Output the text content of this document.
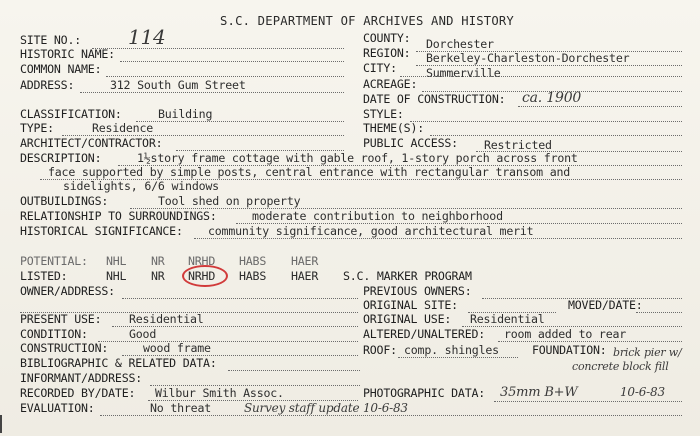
S.C. DEPARTMENT OF ARCHIVES AND HISTORY
SITE NO.: 114
HISTORIC NAME:
COMMON NAME:
ADDRESS:	312 South Gum Street
COUNTY: Dorchester
REGION: Berkeley-Charleston-Dorchester
CITY:	Summerville
ACREAGE:
DATE OF CONSTRUCTION: ca. 1900
CLASSIFICATION:	Building	STYLE:
TYPE:	Residence	THEME(S):
ARCHITECT/CONTRACTOR:	PUBLIC ACCESS: Restricted
DESCRIPTION:	1½story frame cottage with gable roof, 1-story porch across front
face supported by simple posts, central entrance with rectangular transom and
sidelights, 6/6 windows
OUTBUILDINGS:	Tool shed on property
RELATIONSHIP TO SURROUNDINGS:	moderate contribution to neighborhood
HISTORICAL SIGNIFICANCE: community significance, good architectural merit
POTENTIAL: NHL NR NRHD HABS HAER
LISTED:	NHL NR NRHD HABS HAER S.C. MARKER PROGRAM
OWNER/ADDRESS:	PREVIOUS OWNERS:
ORIGINAL SITE:	MOVED/DATE:
PRESENT USE: Residential	ORIGINAL USE: Residential
CONDITION:	Good	ALTERED/UNALTERED: room added to rear
CONSTRUCTION:	wood frame	ROOF: comp. shingles	FOUNDATION: brick pier w/
concrete block fill
BIBLIOGRAPHIC & RELATED DATA:
INFORMANT/ADDRESS:
RECORDED BY/DATE: Wilbur Smith Assoc.	PHOTOGRAPHIC DATA: 35mm B+W	10-6-83
EVALUATION:	No threat	Survey staff update 10-6-83
